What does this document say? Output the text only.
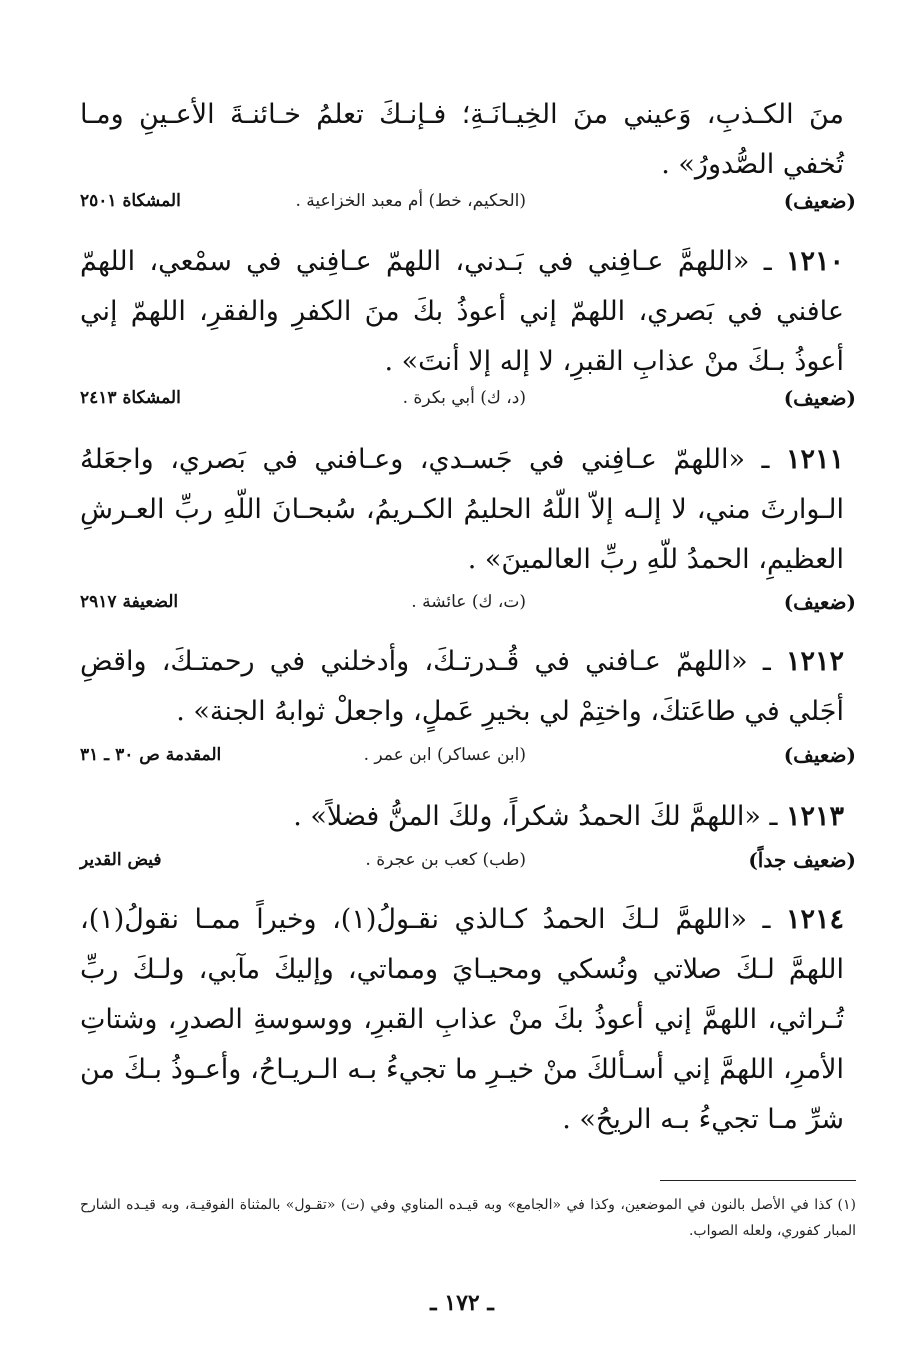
منَ الكـذبِ، وَعيني منَ الخِيـانَـةِ؛ فـإنـكَ تعلمُ خـائنـةَ الأعـينِ ومـا تُخفي الصُّدورُ» .
(ضعيف)
(الحكيم، خط) أم معبد الخزاعية .
المشكاة ٢٥٠١
١٢١٠ ـ «اللهمَّ عـافِني في بَـدني، اللهمّ عـافِني في سمْعي، اللهمّ عافني في بَصري، اللهمّ إني أعوذُ بكَ منَ الكفرِ والفقرِ، اللهمّ إني أعوذُ بـكَ منْ عذابِ القبرِ، لا إله إلا أنتَ» .
(ضعيف)
(د، ك) أبي بكرة .
المشكاة ٢٤١٣
١٢١١ ـ «اللهمّ عـافِني في جَسـدي، وعـافني في بَصري، واجعَلهُ الـوارثَ مني، لا إلـه إلاّ اللّهُ الحليمُ الكـريمُ، سُبحـانَ اللّهِ ربِّ العـرشِ العظيمِ، الحمدُ للّهِ ربِّ العالمينَ» .
(ضعيف)
(ت، ك) عائشة .
الضعيفة ٢٩١٧
١٢١٢ ـ «اللهمّ عـافني في قُـدرتـكَ، وأدخلني في رحمتـكَ، واقضِ أجَلي في طاعَتكَ، واختِمْ لي بخيرِ عَملٍ، واجعلْ ثوابهُ الجنة» .
(ضعيف)
(ابن عساكر) ابن عمر .
المقدمة ص ٣٠ ـ ٣١
١٢١٣ ـ «اللهمَّ لكَ الحمدُ شكراً، ولكَ المنُّ فضلاً» .
(ضعيف جداً)
(طب) كعب بن عجرة .
فيض القدير
١٢١٤ ـ «اللهمَّ لـكَ الحمدُ كـالذي نقـولُ(١)، وخيراً ممـا نقولُ(١)، اللهمَّ لـكَ صلاتي ونُسكي ومحيـايَ ومماتي، وإليكَ مآبي، ولـكَ ربِّ تُـراثي، اللهمَّ إني أعوذُ بكَ منْ عذابِ القبرِ، ووسوسةِ الصدرِ، وشتاتِ الأمرِ، اللهمَّ إني أسـألكَ منْ خيـرِ ما تجيءُ بـه الـريـاحُ، وأعـوذُ بـكَ من شرِّ مـا تجيءُ بـه الريحُ» .
(١) كذا في الأصل بالنون في الموضعين، وكذا في «الجامع» وبه قيـده المناوي وفي (ت) «تقـول» بالمثناة الفوقيـة، وبه قيـده الشارح المبار كفوري، ولعله الصواب.
ـ ١٧٢ ـ
